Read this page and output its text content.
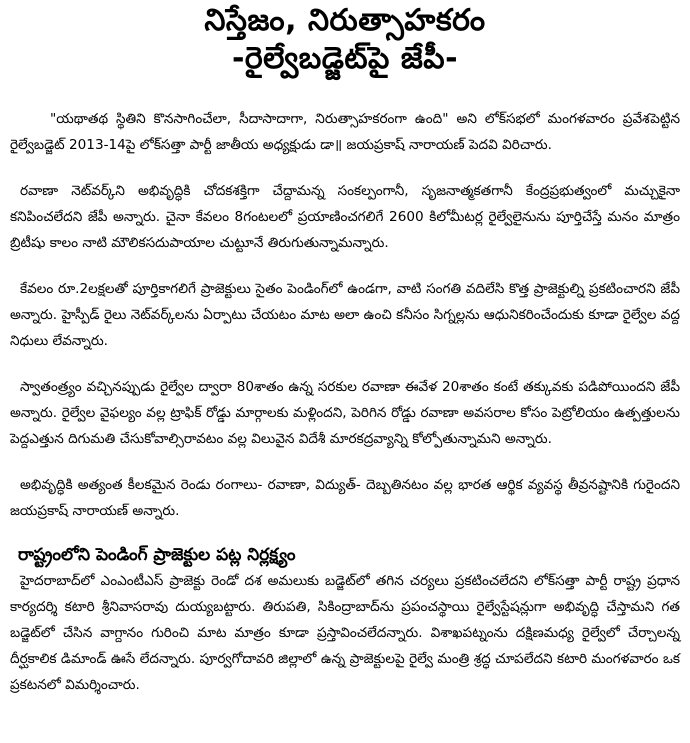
నిస్తేజం, నిరుత్సాహకరం
-రైల్వేబడ్జెట్‌పై జేపీ-

"యథాతథ స్థితిని కొనసాగించేలా, సీదాసాదాగా, నిరుత్సాహకరంగా ఉంది" అని లోక్‌సభలో మంగళవారం ప్రవేశపెట్టిన రైల్వేబడ్జెట్ 2013-14పై లోక్‌సత్తా పార్టీ జాతీయ అధ్యక్షుడు డా॥ జయప్రకాష్ నారాయణ్ పెదవి విరిచారు.

రవాణా నెట్‌వర్క్‌ని అభివృద్ధికి చోదకశక్తిగా చేద్దామన్న సంకల్పంగానీ, సృజనాత్మకతగానీ కేంద్రప్రభుత్వంలో మచ్చుకైనా కనిపించలేదని జేపీ అన్నారు. చైనా కేవలం 8గంటలలో ప్రయాణించగలిగే 2600 కిలోమీటర్ల రైల్వేలైనును పూర్తిచేస్తే మనం మాత్రం బ్రిటీషు కాలం నాటి మౌలికసదుపాయాల చుట్టూనే తిరుగుతున్నామన్నారు.

కేవలం రూ.2లక్షలతో పూర్తికాగలిగే ప్రాజెక్టులు సైతం పెండింగ్‌లో ఉండగా, వాటి సంగతి వదిలేసి కొత్త ప్రాజెక్టుల్ని ప్రకటించారని జేపీ అన్నారు. హైస్పీడ్ రైలు నెట్‌వర్క్‌లను ఏర్పాటు చేయటం మాట అలా ఉంచి కనీసం సిగ్నల్లను ఆధునికరించేందుకు కూడా రైల్వేల వద్ద నిధులు లేవన్నారు.

స్వాతంత్ర్యం వచ్చినప్పుడు రైల్వేల ద్వారా 80శాతం ఉన్న సరకుల రవాణా ఈవేళ 20శాతం కంటే తక్కువకు పడిపోయిందని జేపీ అన్నారు. రైల్వేల వైఫల్యం వల్ల ట్రాఫిక్ రోడ్డు మార్గాలకు మళ్లిందని, పెరిగిన రోడ్డు రవాణా అవసరాల కోసం పెట్రోలియం ఉత్పత్తులను పెద్దఎత్తున దిగుమతి చేసుకోవాల్సిరావటం వల్ల విలువైన విదేశీ మారకద్రవ్యాన్ని కోల్పోతున్నామని అన్నారు.

అభివృద్ధికి అత్యంత కీలకమైన రెండు రంగాలు- రవాణా, విద్యుత్- దెబ్బతినటం వల్ల భారత ఆర్థిక వ్యవస్థ తీవ్రనష్టానికి గురైందని జయప్రకాష్ నారాయణ్ అన్నారు.

రాష్ట్రంలోని పెండింగ్ ప్రాజెక్టుల పట్ల నిర్లక్ష్యం

హైదరాబాద్‌లో ఎంఎంటీఎస్ ప్రాజెక్టు రెండో దశ అమలుకు బడ్జెట్‌లో తగిన చర్యలు ప్రకటించలేదని లోక్‌సత్తా పార్టీ రాష్ట్ర ప్రధాన కార్యదర్శి కటారి శ్రీనివాసరావు దుయ్యబట్టారు. తిరుపతి, సికింద్రాబాద్‌ను ప్రపంచస్థాయి రైల్వేస్టేషన్లుగా అభివృద్ధి చేస్తామని గత బడ్జెట్‌లో చేసిన వాగ్దానం గురించి మాట మాత్రం కూడా ప్రస్తావించలేదన్నారు. విశాఖపట్నంను దక్షిణమధ్య రైల్వేలో చేర్చాలన్న దీర్ఘకాలిక డిమాండ్ ఊసే లేదన్నారు. పూర్వగోదావరి జిల్లాలో ఉన్న ప్రాజెక్టులపై రైల్వే మంత్రి శ్రద్ధ చూపలేదని కటారి మంగళవారం ఒక ప్రకటనలో విమర్శించారు.
